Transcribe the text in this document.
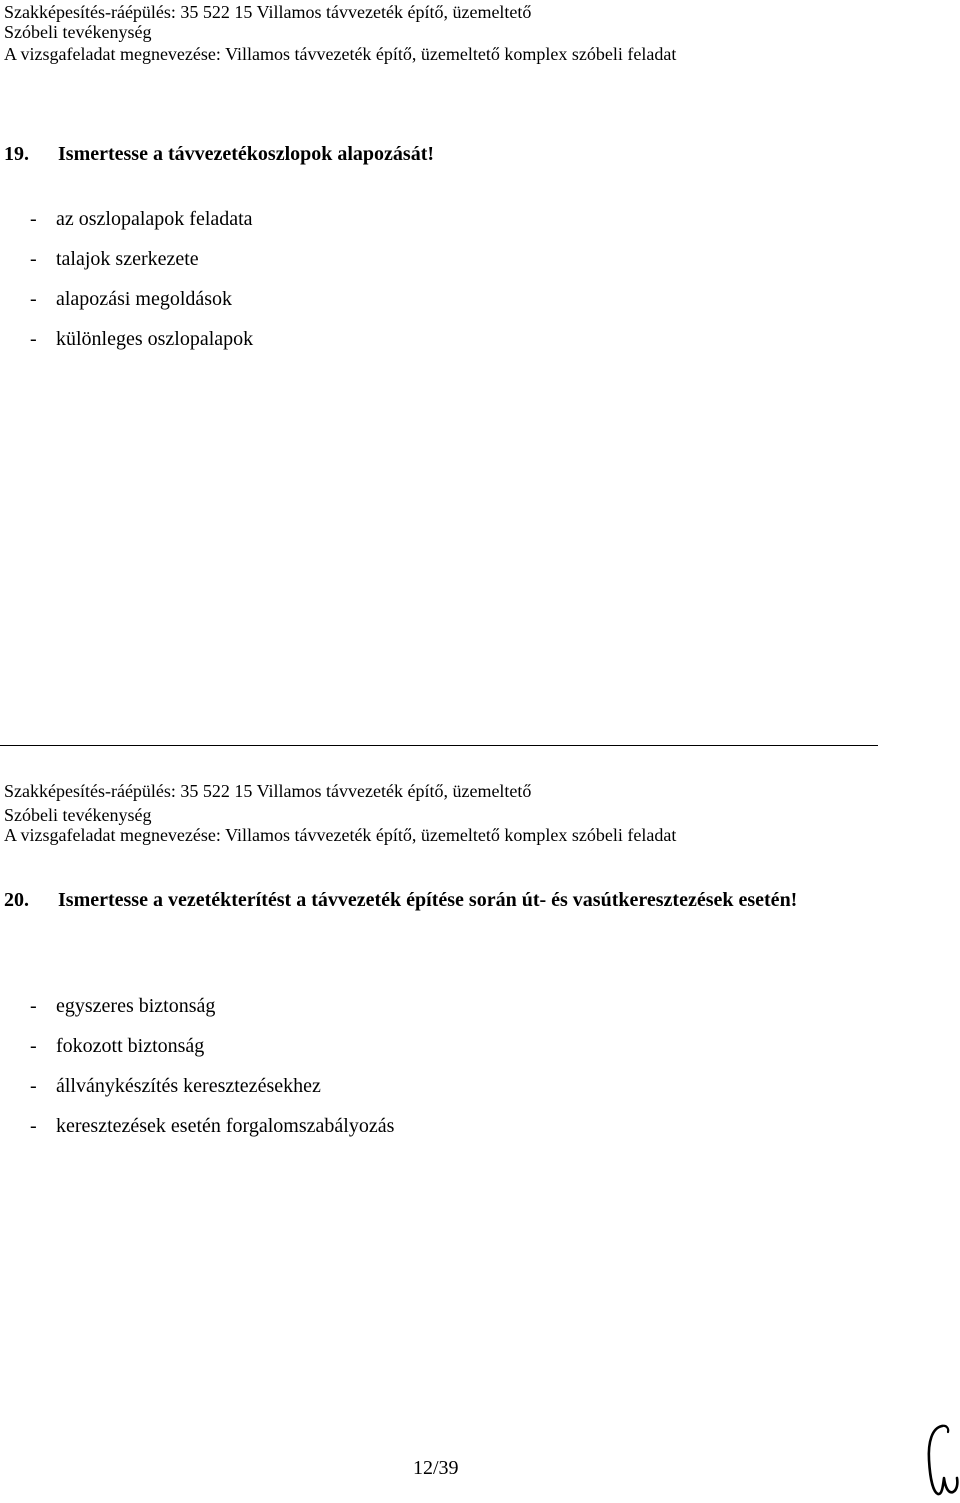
Szakképesítés-ráépülés: 35 522 15 Villamos távvezeték építő, üzemeltető
Szóbeli tevékenység
A vizsgafeladat megnevezése: Villamos távvezeték építő, üzemeltető komplex szóbeli feladat
19. Ismertesse a távvezetékoszlopok alapozását!
- az oszlopalapok feladata
- talajok szerkezete
- alapozási megoldások
- különleges oszlopalapok
Szakképesítés-ráépülés: 35 522 15 Villamos távvezeték építő, üzemeltető
Szóbeli tevékenység
A vizsgafeladat megnevezése: Villamos távvezeték építő, üzemeltető komplex szóbeli feladat
20. Ismertesse a vezetékterítést a távvezeték építése során út- és vasútkeresztezések esetén!
- egyszeres biztonság
- fokozott biztonság
- állványkészítés keresztezésekhez
- keresztezések esetén forgalomszabályozás
12/39
